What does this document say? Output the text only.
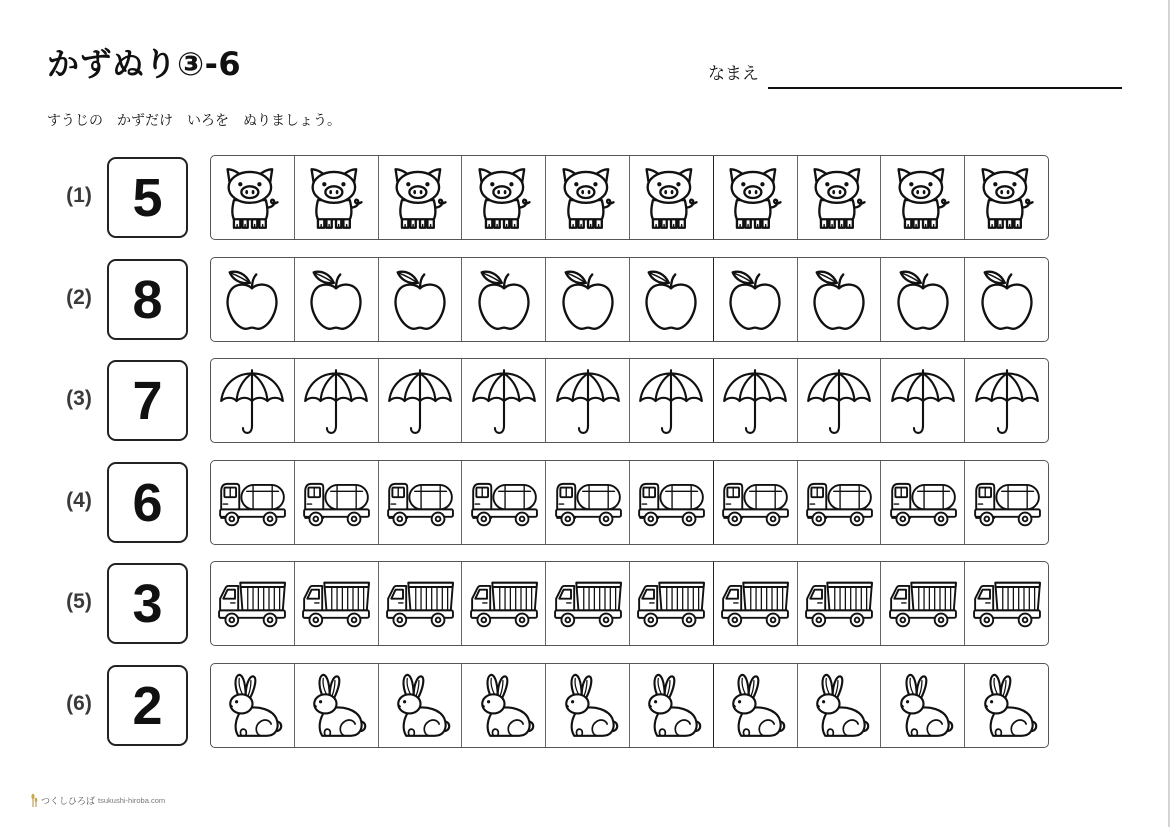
かずぬり③-6	なまえ
すうじの　かずだけ　いろを　ぬりましょう。
(1) 5
(2) 8
(3) 7
(4) 6
(5) 3
(6) 2
つくしひろば tsukushi-hiroba.com
